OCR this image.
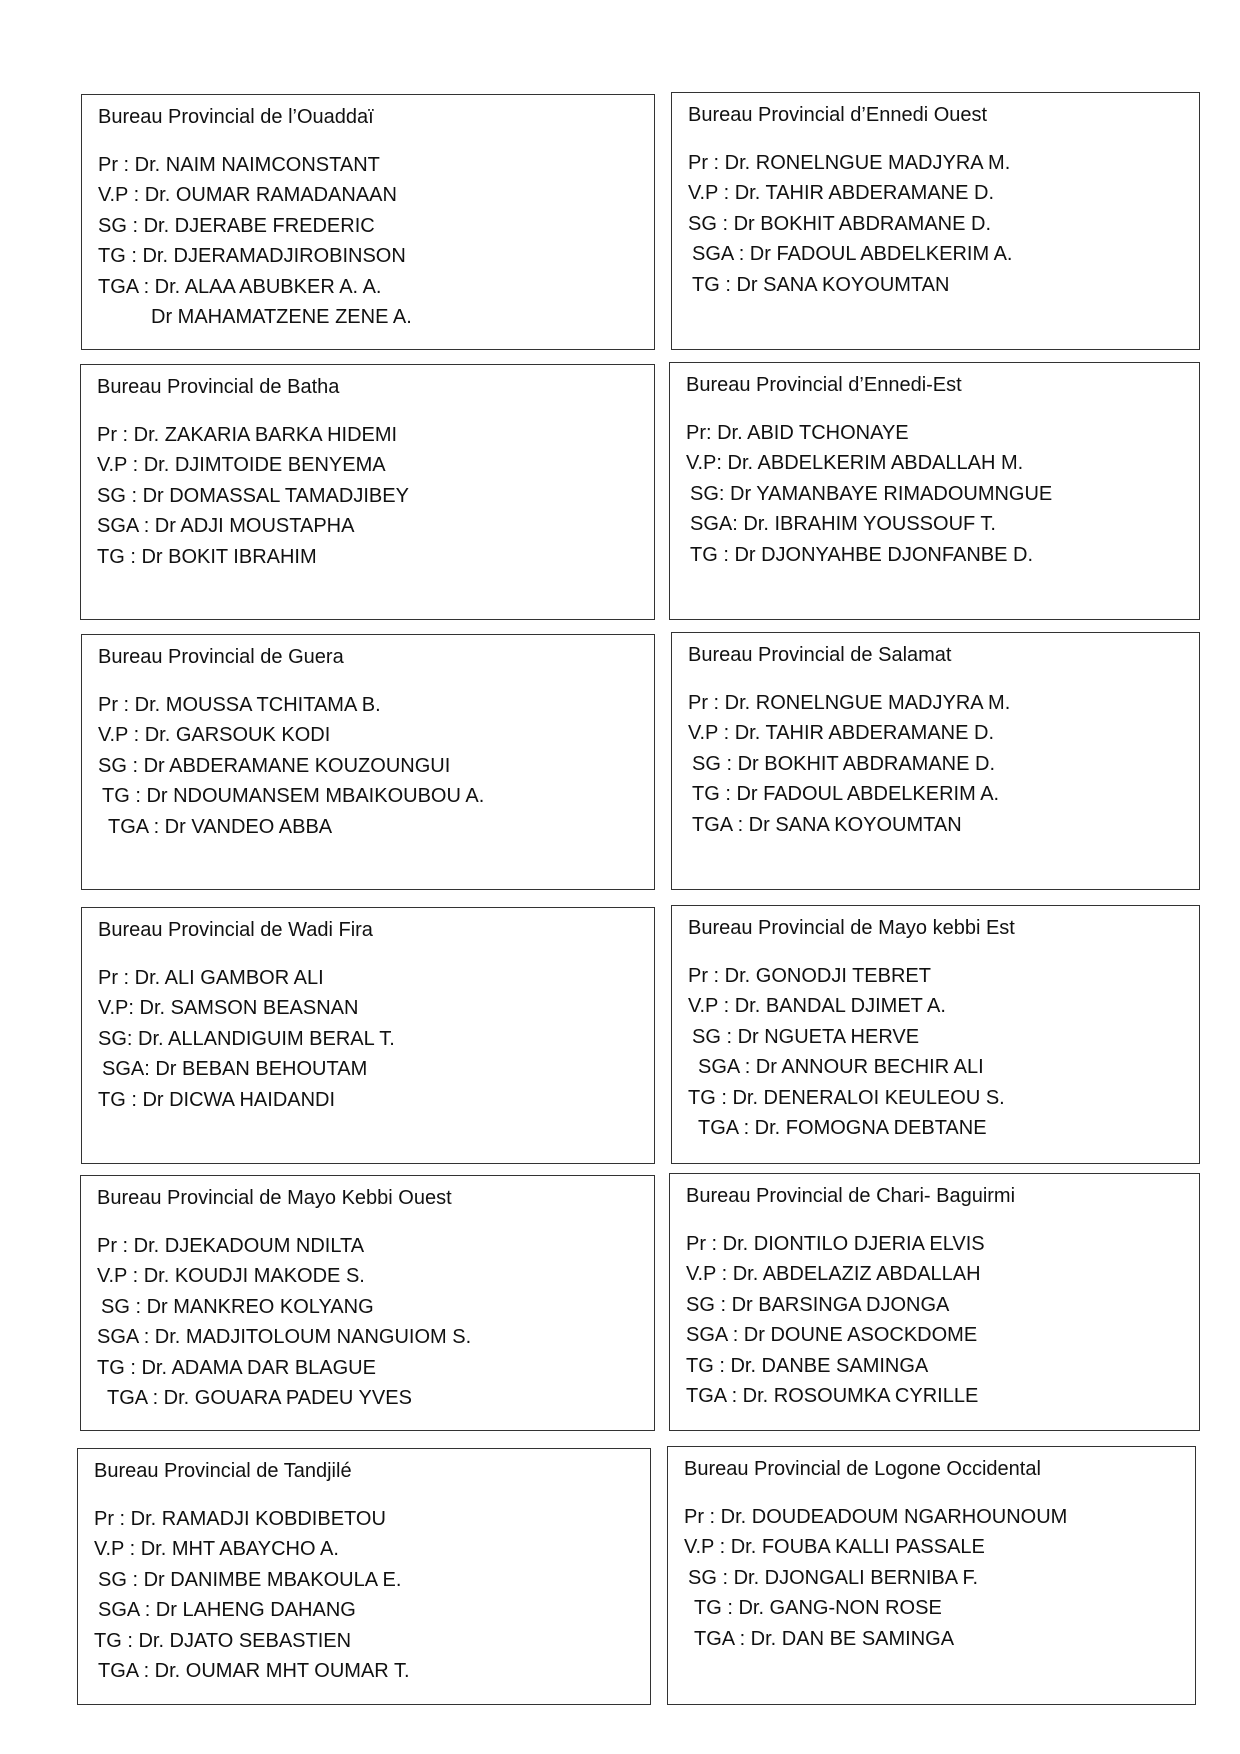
Bureau Provincial de l’Ouaddaï
Pr : Dr. NAIM NAIMCONSTANT
V.P : Dr. OUMAR RAMADANAAN
SG : Dr. DJERABE FREDERIC
TG : Dr. DJERAMADJIROBINSON
TGA : Dr. ALAA ABUBKER A. A.
Dr MAHAMATZENE ZENE A.
Bureau Provincial d’Ennedi Ouest
Pr : Dr. RONELNGUE MADJYRA M.
V.P : Dr. TAHIR ABDERAMANE D.
SG : Dr BOKHIT ABDRAMANE D.
SGA : Dr FADOUL ABDELKERIM A.
TG : Dr SANA KOYOUMTAN
Bureau Provincial de Batha
Pr : Dr. ZAKARIA BARKA HIDEMI
V.P : Dr. DJIMTOIDE BENYEMA
SG : Dr DOMASSAL TAMADJIBEY
SGA : Dr ADJI MOUSTAPHA
TG : Dr BOKIT IBRAHIM
Bureau Provincial d’Ennedi-Est
Pr: Dr. ABID TCHONAYE
V.P: Dr. ABDELKERIM ABDALLAH M.
SG: Dr YAMANBAYE RIMADOUMNGUE
SGA: Dr. IBRAHIM YOUSSOUF T.
TG : Dr DJONYAHBE DJONFANBE D.
Bureau Provincial de Guera
Pr : Dr. MOUSSA TCHITAMA B.
V.P : Dr. GARSOUK KODI
SG : Dr ABDERAMANE KOUZOUNGUI
TG : Dr NDOUMANSEM MBAIKOUBOU A.
TGA : Dr VANDEO ABBA
Bureau Provincial de Salamat
Pr : Dr. RONELNGUE MADJYRA M.
V.P : Dr. TAHIR ABDERAMANE D.
SG : Dr BOKHIT ABDRAMANE D.
TG : Dr FADOUL ABDELKERIM A.
TGA : Dr SANA KOYOUMTAN
Bureau Provincial de Wadi Fira
Pr : Dr. ALI GAMBOR ALI
V.P: Dr. SAMSON BEASNAN
SG: Dr. ALLANDIGUIM BERAL T.
SGA: Dr BEBAN BEHOUTAM
TG : Dr DICWA HAIDANDI
Bureau Provincial de Mayo kebbi Est
Pr : Dr. GONODJI TEBRET
V.P : Dr. BANDAL DJIMET A.
SG : Dr NGUETA HERVE
SGA : Dr ANNOUR BECHIR ALI
TG : Dr. DENERALOI KEULEOU S.
TGA : Dr. FOMOGNA DEBTANE
Bureau Provincial de Mayo Kebbi Ouest
Pr : Dr. DJEKADOUM NDILTA
V.P : Dr. KOUDJI MAKODE S.
SG : Dr MANKREO KOLYANG
SGA : Dr. MADJITOLOUM NANGUIOM S.
TG : Dr. ADAMA DAR BLAGUE
TGA : Dr. GOUARA PADEU YVES
Bureau Provincial de Chari- Baguirmi
Pr : Dr. DIONTILO DJERIA ELVIS
V.P : Dr. ABDELAZIZ ABDALLAH
SG : Dr BARSINGA DJONGA
SGA : Dr DOUNE ASOCKDOME
TG : Dr. DANBE SAMINGA
TGA : Dr. ROSOUMKA CYRILLE
Bureau Provincial de Tandjilé
Pr : Dr. RAMADJI KOBDIBETOU
V.P : Dr. MHT ABAYCHO A.
SG : Dr DANIMBE MBAKOULA E.
SGA : Dr LAHENG DAHANG
TG : Dr. DJATO SEBASTIEN
TGA : Dr. OUMAR MHT OUMAR T.
Bureau Provincial de Logone Occidental
Pr : Dr. DOUDEADOUM NGARHOUNOUM
V.P : Dr. FOUBA KALLI PASSALE
SG : Dr. DJONGALI BERNIBA F.
TG : Dr. GANG-NON ROSE
TGA : Dr. DAN BE SAMINGA
